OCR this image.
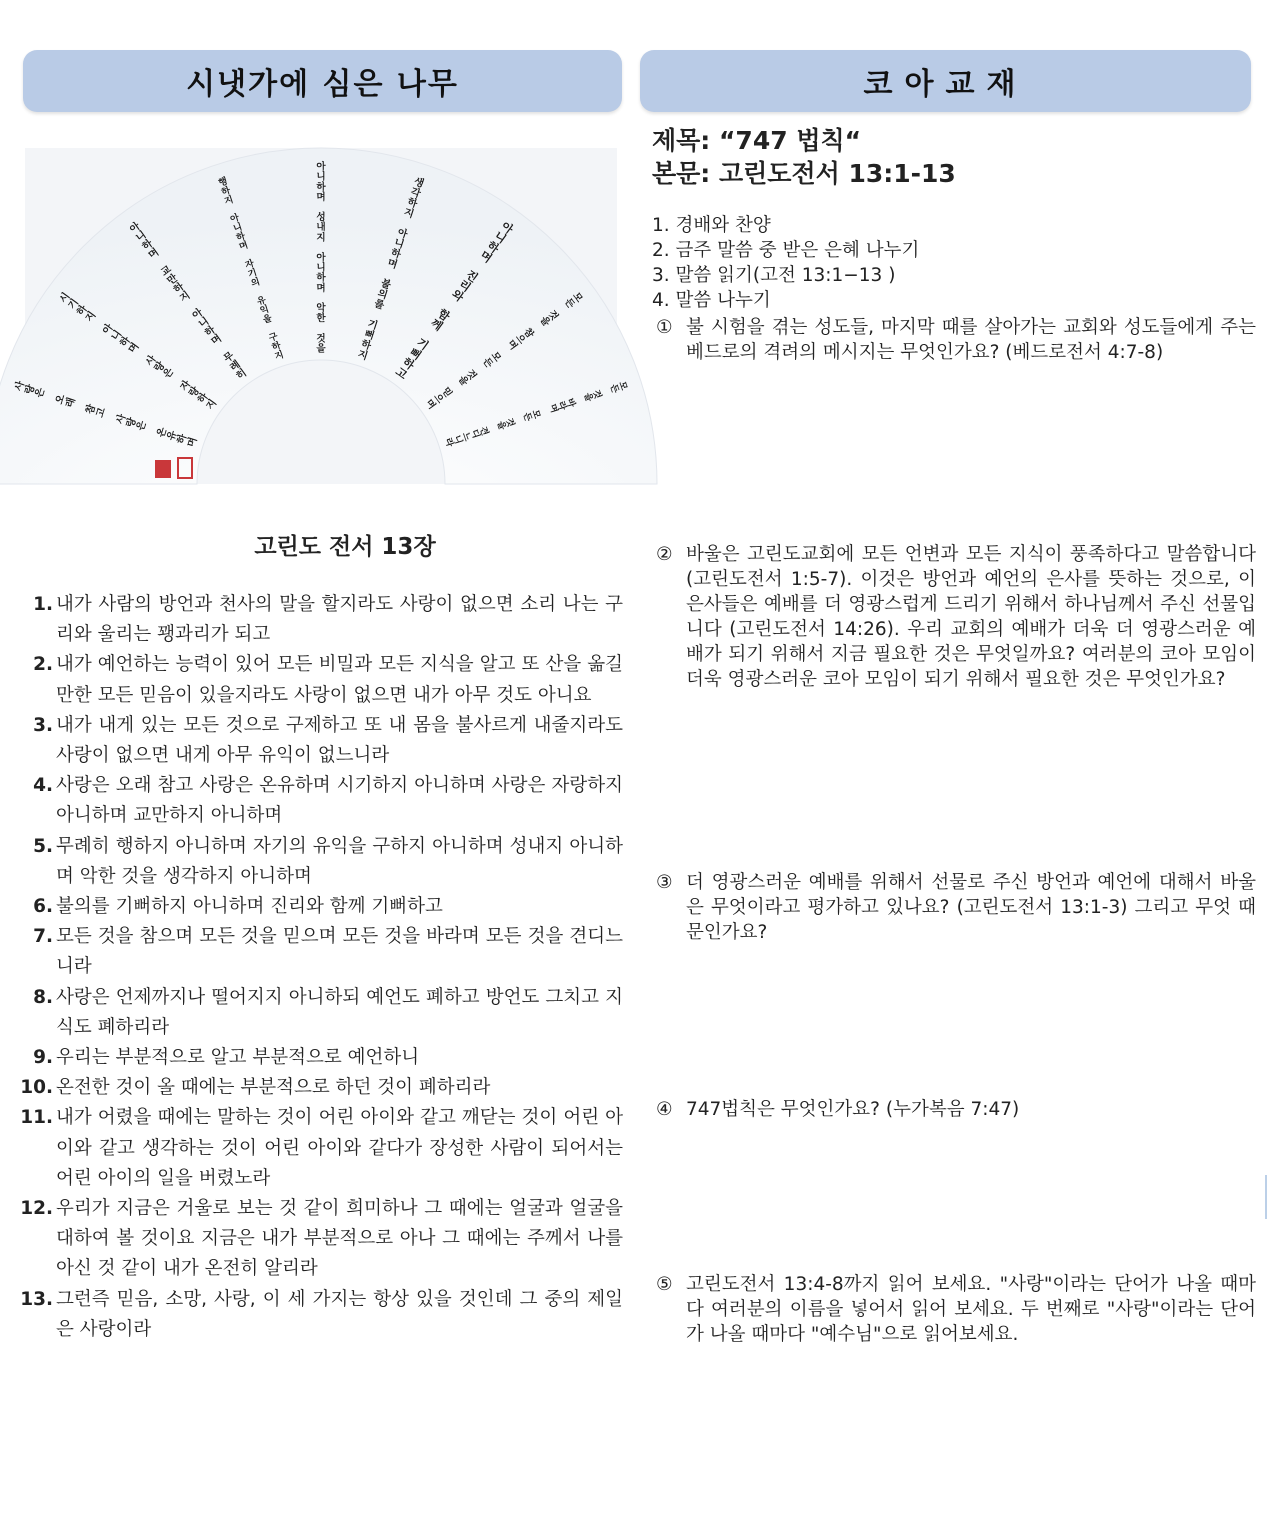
시냇가에 심은 나무	코아교재
사
랑
은
오
래
참
고
사
랑
은
온
유
하
며
시
기
하
지
아
니
하
며
사
랑
은
자
랑
하
지
아
니
하
며
교
만
하
지
아
니
하
며
무
례
히
행
하
지
아
니
하
며
자
기
의
유
익
을
구
하
지
아
니
하
며
성
내
지
아
니
하
며
악
한
것
을
생
각
하
지
아
니
하
며
불
의
를
기
뻐
하
지
아
니
하
며
진
리
와
함
께
기
뻐
하
고
모
든
것
을
참
으
며
모
든
것
을
믿
으
며
모
든
것
을
바
라
며
모
든
것
을
견
디
느
니
라
고린도 전서 13장
1. 내가 사람의 방언과 천사의 말을 할지라도 사랑이 없으면 소리 나는 구리와 울리는 꽹과리가 되고
2. 내가 예언하는 능력이 있어 모든 비밀과 모든 지식을 알고 또 산을 옮길 만한 모든 믿음이 있을지라도 사랑이 없으면 내가 아무 것도 아니요
3. 내가 내게 있는 모든 것으로 구제하고 또 내 몸을 불사르게 내줄지라도 사랑이 없으면 내게 아무 유익이 없느니라
4. 사랑은 오래 참고 사랑은 온유하며 시기하지 아니하며 사랑은 자랑하지 아니하며 교만하지 아니하며
5. 무례히 행하지 아니하며 자기의 유익을 구하지 아니하며 성내지 아니하며 악한 것을 생각하지 아니하며
6. 불의를 기뻐하지 아니하며 진리와 함께 기뻐하고
7. 모든 것을 참으며 모든 것을 믿으며 모든 것을 바라며 모든 것을 견디느니라
8. 사랑은 언제까지나 떨어지지 아니하되 예언도 폐하고 방언도 그치고 지식도 폐하리라
9. 우리는 부분적으로 알고 부분적으로 예언하니
10. 온전한 것이 올 때에는 부분적으로 하던 것이 폐하리라
11. 내가 어렸을 때에는 말하는 것이 어린 아이와 같고 깨닫는 것이 어린 아이와 같고 생각하는 것이 어린 아이와 같다가 장성한 사람이 되어서는 어린 아이의 일을 버렸노라
12. 우리가 지금은 거울로 보는 것 같이 희미하나 그 때에는 얼굴과 얼굴을 대하여 볼 것이요 지금은 내가 부분적으로 아나 그 때에는 주께서 나를 아신 것 같이 내가 온전히 알리라
13. 그런즉 믿음, 소망, 사랑, 이 세 가지는 항상 있을 것인데 그 중의 제일은 사랑이라
제목: “747 법칙“
본문: 고린도전서 13:1-13
1. 경배와 찬양
2. 금주 말씀 중 받은 은혜 나누기
3. 말씀 읽기(고전 13:1−13 )
4. 말씀 나누기
① 불 시험을 겪는 성도들, 마지막 때를 살아가는 교회와 성도들에게 주는 베드로의 격려의 메시지는 무엇인가요? (베드로전서 4:7-8)
② 바울은 고린도교회에 모든 언변과 모든 지식이 풍족하다고 말씀합니다 (고린도전서 1:5-7). 이것은 방언과 예언의 은사를 뜻하는 것으로, 이 은사들은 예배를 더 영광스럽게 드리기 위해서 하나님께서 주신 선물입니다 (고린도전서 14:26). 우리 교회의 예배가 더욱 더 영광스러운 예배가 되기 위해서 지금 필요한 것은 무엇일까요? 여러분의 코아 모임이 더욱 영광스러운 코아 모임이 되기 위해서 필요한 것은 무엇인가요?
③ 더 영광스러운 예배를 위해서 선물로 주신 방언과 예언에 대해서 바울은 무엇이라고 평가하고 있나요? (고린도전서 13:1-3) 그리고 무엇 때문인가요?
④ 747법칙은 무엇인가요? (누가복음 7:47)
⑤ 고린도전서 13:4-8까지 읽어 보세요. "사랑"이라는 단어가 나올 때마다 여러분의 이름을 넣어서 읽어 보세요. 두 번째로 "사랑"이라는 단어가 나올 때마다 "예수님"으로 읽어보세요.
